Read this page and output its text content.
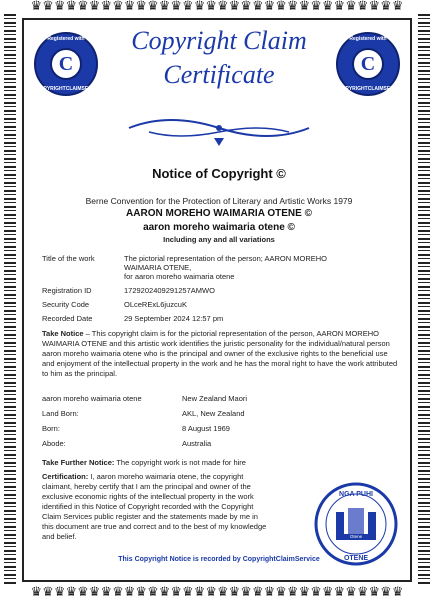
♛♛♛♛♛♛♛♛♛♛♛♛♛♛♛♛♛♛♛♛♛♛♛♛♛♛♛♛♛♛♛♛
♛♛♛♛♛♛♛♛♛♛♛♛♛♛♛♛♛♛♛♛♛♛♛♛♛♛♛♛♛♛♛♛
Registered with
C
COPYRIGHTCLAIMSERVICES
Registered with
C
COPYRIGHTCLAIMSERVICES
Copyright Claim
Certificate
Notice of Copyright ©
Berne Convention for the Protection of Literary and Artistic Works 1979
AARON MOREHO WAIMARIA OTENE ©
aaron moreho waimaria otene ©
Including any and all variations
Title of the work	The pictorial representation of the person; AARON MOREHO
WAIMARIA OTENE,
for aaron moreho waimaria otene
Registration ID	1729202409291257AMWO
Security Code	OLceRExL6juzcuK
Recorded Date	29 September 2024 12:57 pm
Take Notice – This copyright claim is for the pictorial representation of the person, AARON MOREHO WAIMARIA OTENE and this artistic work identifies the juristic personality for the individual/natural person aaron moreho waimaria otene who is the principal and owner of the exclusive rights to the beneficial use and enjoyment of the intellectual property in the work and he has the moral right to have the work attributed to him as the principal.
aaron moreho waimaria otene	New Zealand Maori
Land Born:	AKL, New Zealand
Born:	8 August 1969
Abode:	Australia
Take Further Notice: The copyright work is not made for hire
Certification: I, aaron moreho waimaria otene, the copyright
claimant, hereby certify that I am the principal and owner of the
exclusive economic rights of the intellectual property in the work
identified in this Notice of Copyright recorded with the Copyright
Claim Services public register and the statements made by me in
this document are true and correct and to the best of my knowledge
and belief.
NGA PUHI
OTENE
Otene
This Copyright Notice is recorded by CopyrightClaimService
